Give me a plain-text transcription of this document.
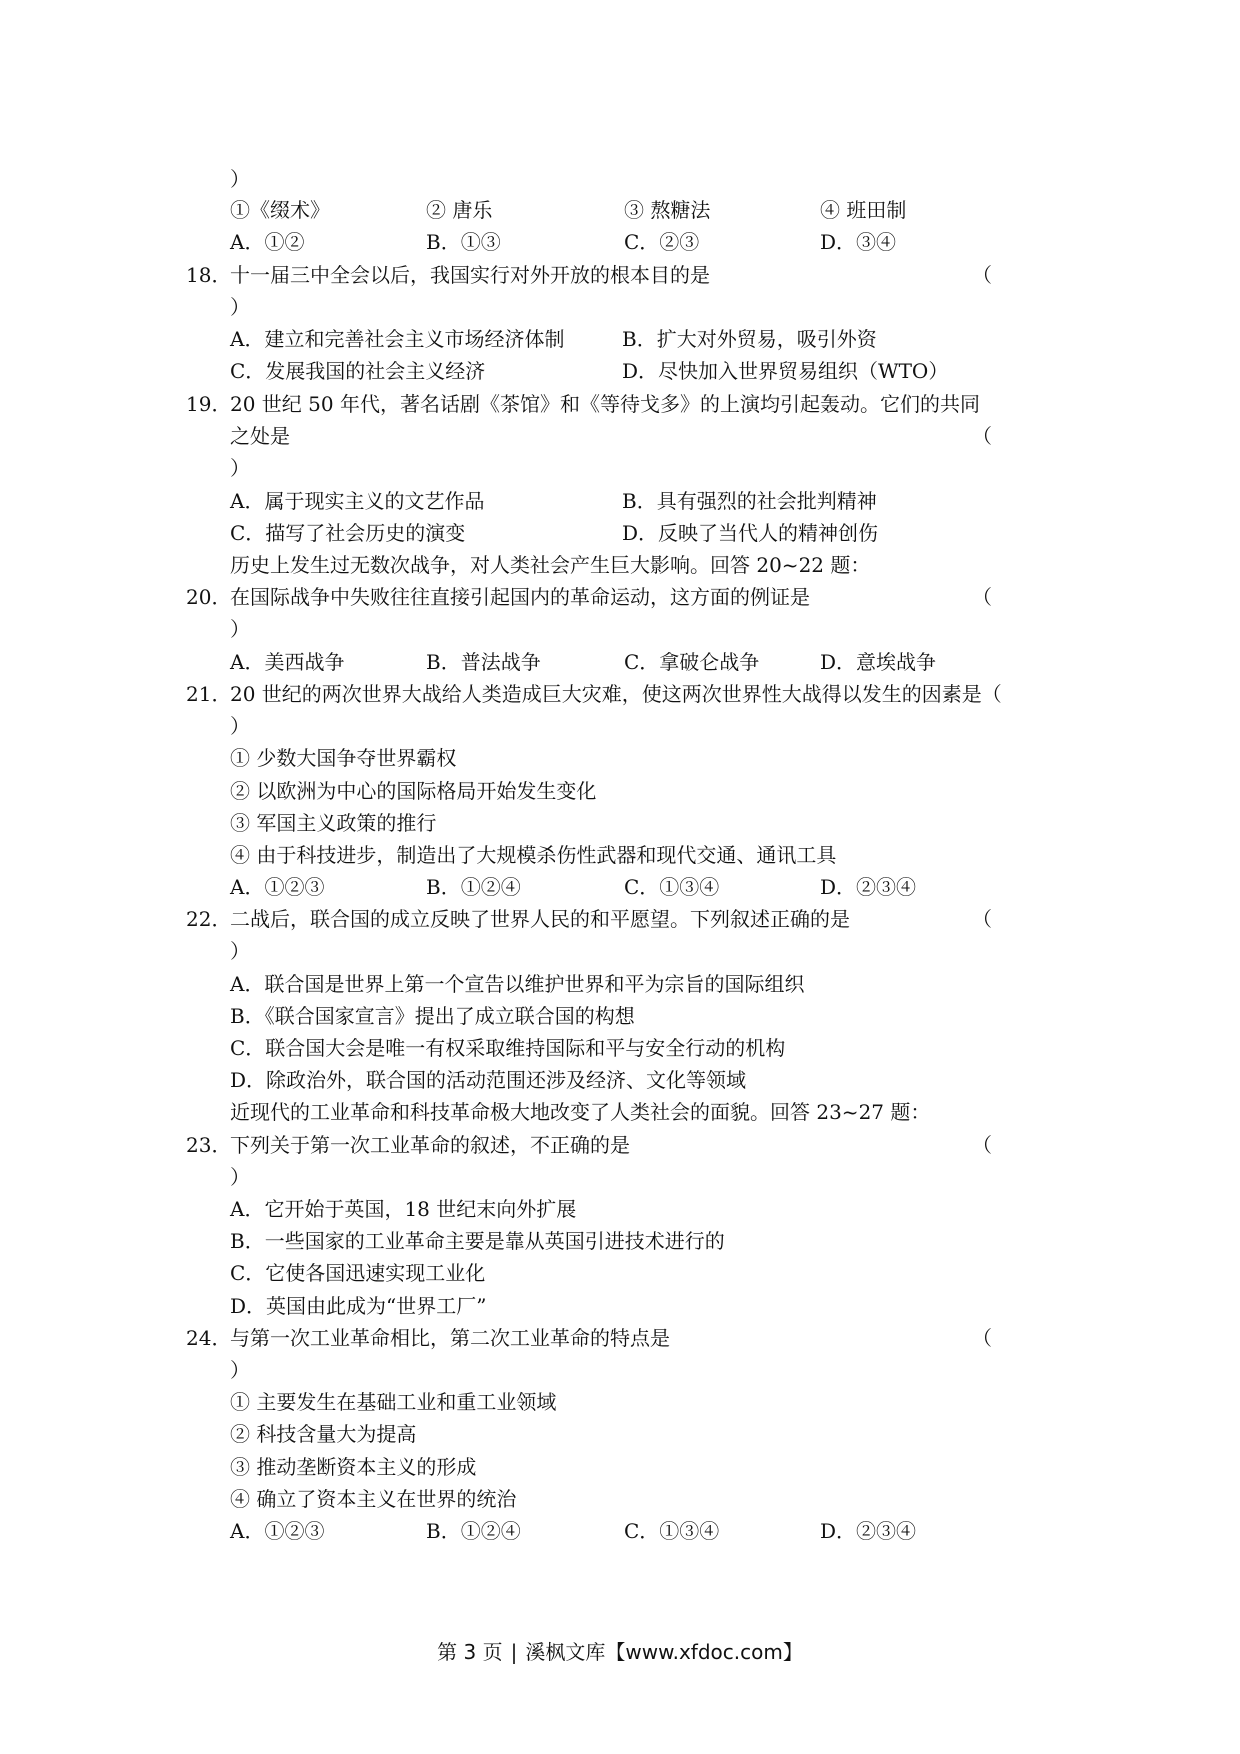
）
①《缀术》	② 唐乐	③ 熬糖法	④ 班田制
A．①②	B．①③	C．②③	D．③④
18．
十一届三中全会以后，我国实行对外开放的根本目的是	（
）
A．建立和完善社会主义市场经济体制	B．扩大对外贸易，吸引外资
C．发展我国的社会主义经济	D．尽快加入世界贸易组织（WTO）
19．
20 世纪 50 年代，著名话剧《茶馆》和《等待戈多》的上演均引起轰动。它们的共同
之处是	（
）
A．属于现实主义的文艺作品	B．具有强烈的社会批判精神
C．描写了社会历史的演变	D．反映了当代人的精神创伤
历史上发生过无数次战争，对人类社会产生巨大影响。回答 20~22 题：
20．
在国际战争中失败往往直接引起国内的革命运动，这方面的例证是	（
）
A．美西战争	B．普法战争	C．拿破仑战争	D．意埃战争
21．
20 世纪的两次世界大战给人类造成巨大灾难，使这两次世界性大战得以发生的因素是（
）
① 少数大国争夺世界霸权
② 以欧洲为中心的国际格局开始发生变化
③ 军国主义政策的推行
④ 由于科技进步，制造出了大规模杀伤性武器和现代交通、通讯工具
A．①②③	B．①②④	C．①③④	D．②③④
22．
二战后，联合国的成立反映了世界人民的和平愿望。下列叙述正确的是	（
）
A．联合国是世界上第一个宣告以维护世界和平为宗旨的国际组织
B．《联合国家宣言》提出了成立联合国的构想
C．联合国大会是唯一有权采取维持国际和平与安全行动的机构
D．除政治外，联合国的活动范围还涉及经济、文化等领域
近现代的工业革命和科技革命极大地改变了人类社会的面貌。回答 23~27 题：
23．
下列关于第一次工业革命的叙述，不正确的是	（
）
A．它开始于英国，18 世纪末向外扩展
B．一些国家的工业革命主要是靠从英国引进技术进行的
C．它使各国迅速实现工业化
D．英国由此成为“世界工厂”
24．
与第一次工业革命相比，第二次工业革命的特点是	（
）
① 主要发生在基础工业和重工业领域
② 科技含量大为提高
③ 推动垄断资本主义的形成
④ 确立了资本主义在世界的统治
A．①②③	B．①②④	C．①③④	D．②③④
第 3 页 | 溪枫文库【www.xfdoc.com】
